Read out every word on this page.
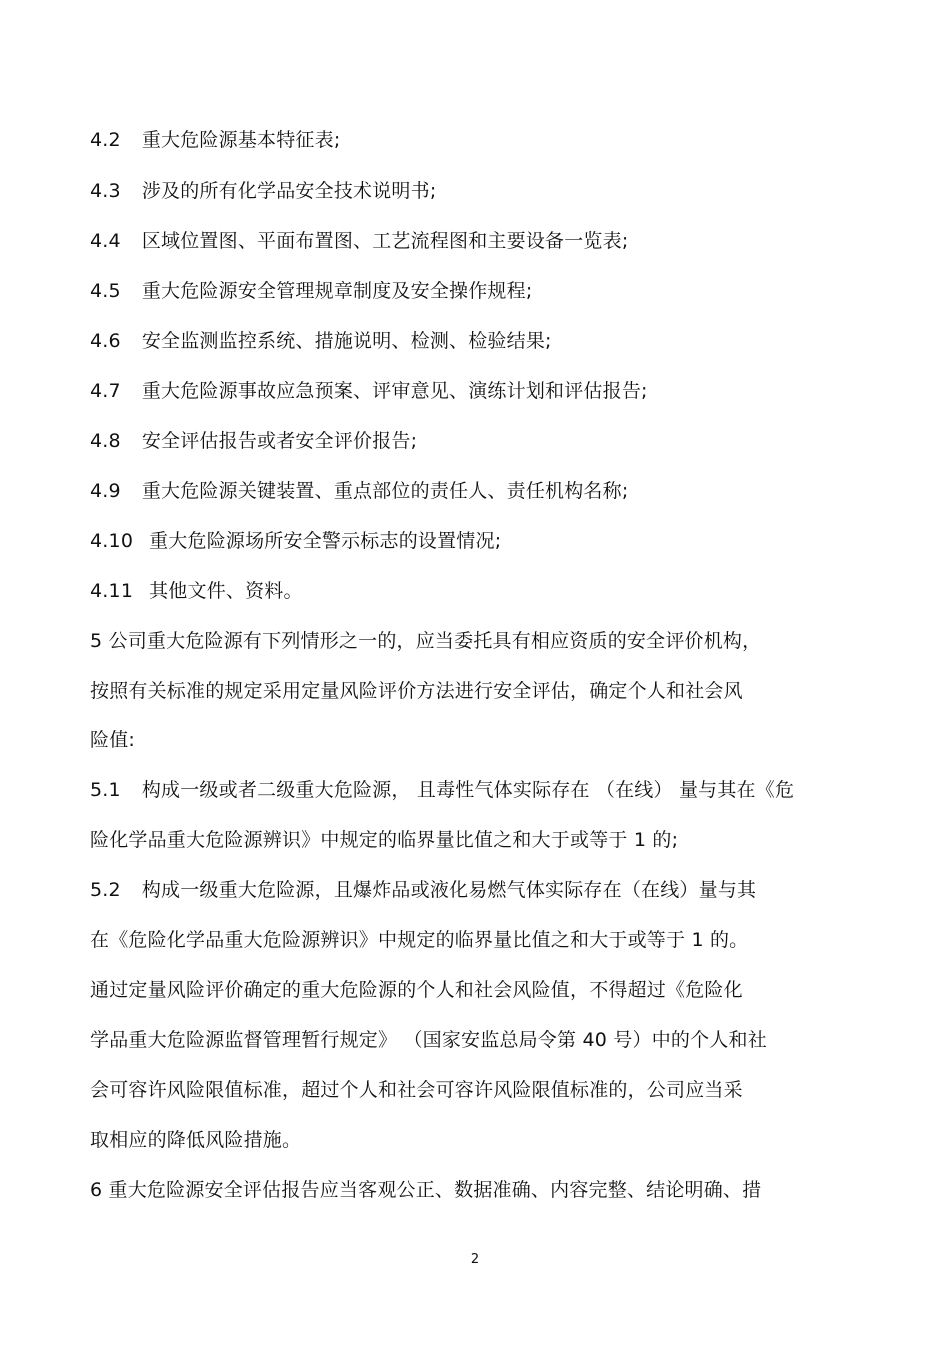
4.2 重大危险源基本特征表;
4.3 涉及的所有化学品安全技术说明书;
4.4 区域位置图、平面布置图、工艺流程图和主要设备一览表;
4.5 重大危险源安全管理规章制度及安全操作规程;
4.6 安全监测监控系统、措施说明、检测、检验结果;
4.7 重大危险源事故应急预案、评审意见、演练计划和评估报告;
4.8 安全评估报告或者安全评价报告;
4.9 重大危险源关键装置、重点部位的责任人、责任机构名称;
4.10 重大危险源场所安全警示标志的设置情况;
4.11 其他文件、资料。
5 公司重大危险源有下列情形之一的，应当委托具有相应资质的安全评价机构，
按照有关标准的规定采用定量风险评价方法进行安全评估，确定个人和社会风
险值:
5.1 构成一级或者二级重大危险源， 且毒性气体实际存在 （在线） 量与其在《危
险化学品重大危险源辨识》中规定的临界量比值之和大于或等于 1 的;
5.2 构成一级重大危险源，且爆炸品或液化易燃气体实际存在（在线）量与其
在《危险化学品重大危险源辨识》中规定的临界量比值之和大于或等于 1 的。
通过定量风险评价确定的重大危险源的个人和社会风险值，不得超过《危险化
学品重大危险源监督管理暂行规定》 （国家安监总局令第 40 号）中的个人和社
会可容许风险限值标准，超过个人和社会可容许风险限值标准的，公司应当采
取相应的降低风险措施。
6 重大危险源安全评估报告应当客观公正、数据准确、内容完整、结论明确、措
2
